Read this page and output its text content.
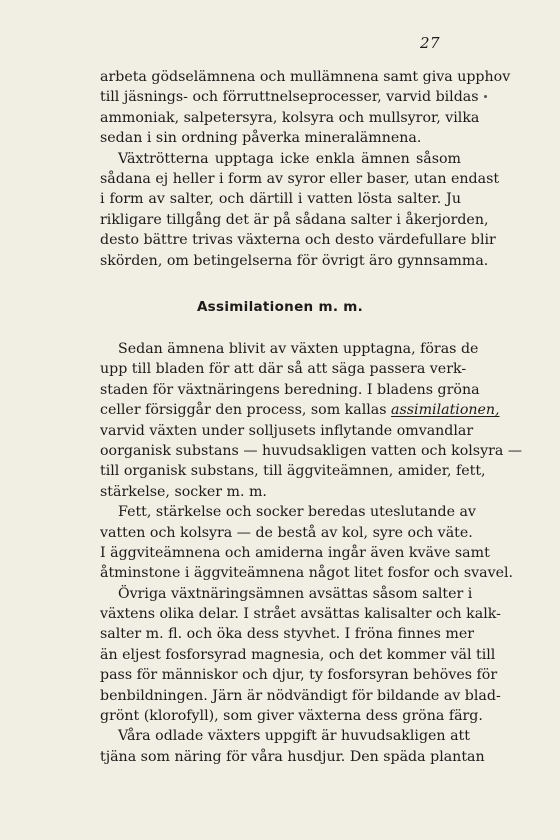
27
arbeta gödselämnena och mullämnena samt giva upphov
till jäsnings- och förruttnelseprocesser, varvid bildas
ammoniak, salpetersyra, kolsyra och mullsyror, vilka
sedan i sin ordning påverka mineralämnena.
Växtrötterna upptaga icke enkla ämnen såsom
sådana ej heller i form av syror eller baser, utan endast
i form av salter, och därtill i vatten lösta salter. Ju
rikligare tillgång det är på sådana salter i åkerjorden,
desto bättre trivas växterna och desto värdefullare blir
skörden, om betingelserna för övrigt äro gynnsamma.
Assimilationen m. m.
Sedan ämnena blivit av växten upptagna, föras de
upp till bladen för att där så att säga passera verk-
staden för växtnäringens beredning. I bladens gröna
celler försiggår den process, som kallas assimilationen,
varvid växten under solljusets inflytande omvandlar
oorganisk substans — huvudsakligen vatten och kolsyra —
till organisk substans, till äggviteämnen, amider, fett,
stärkelse, socker m. m.
Fett, stärkelse och socker beredas uteslutande av
vatten och kolsyra — de bestå av kol, syre och väte.
I äggviteämnena och amiderna ingår även kväve samt
åtminstone i äggviteämnena något litet fosfor och svavel.
Övriga växtnäringsämnen avsättas såsom salter i
växtens olika delar. I strået avsättas kalisalter och kalk-
salter m. fl. och öka dess styvhet. I fröna finnes mer
än eljest fosforsyrad magnesia, och det kommer väl till
pass för människor och djur, ty fosforsyran behöves för
benbildningen. Järn är nödvändigt för bildande av blad-
grönt (klorofyll), som giver växterna dess gröna färg.
Våra odlade växters uppgift är huvudsakligen att
tjäna som näring för våra husdjur. Den späda plantan
